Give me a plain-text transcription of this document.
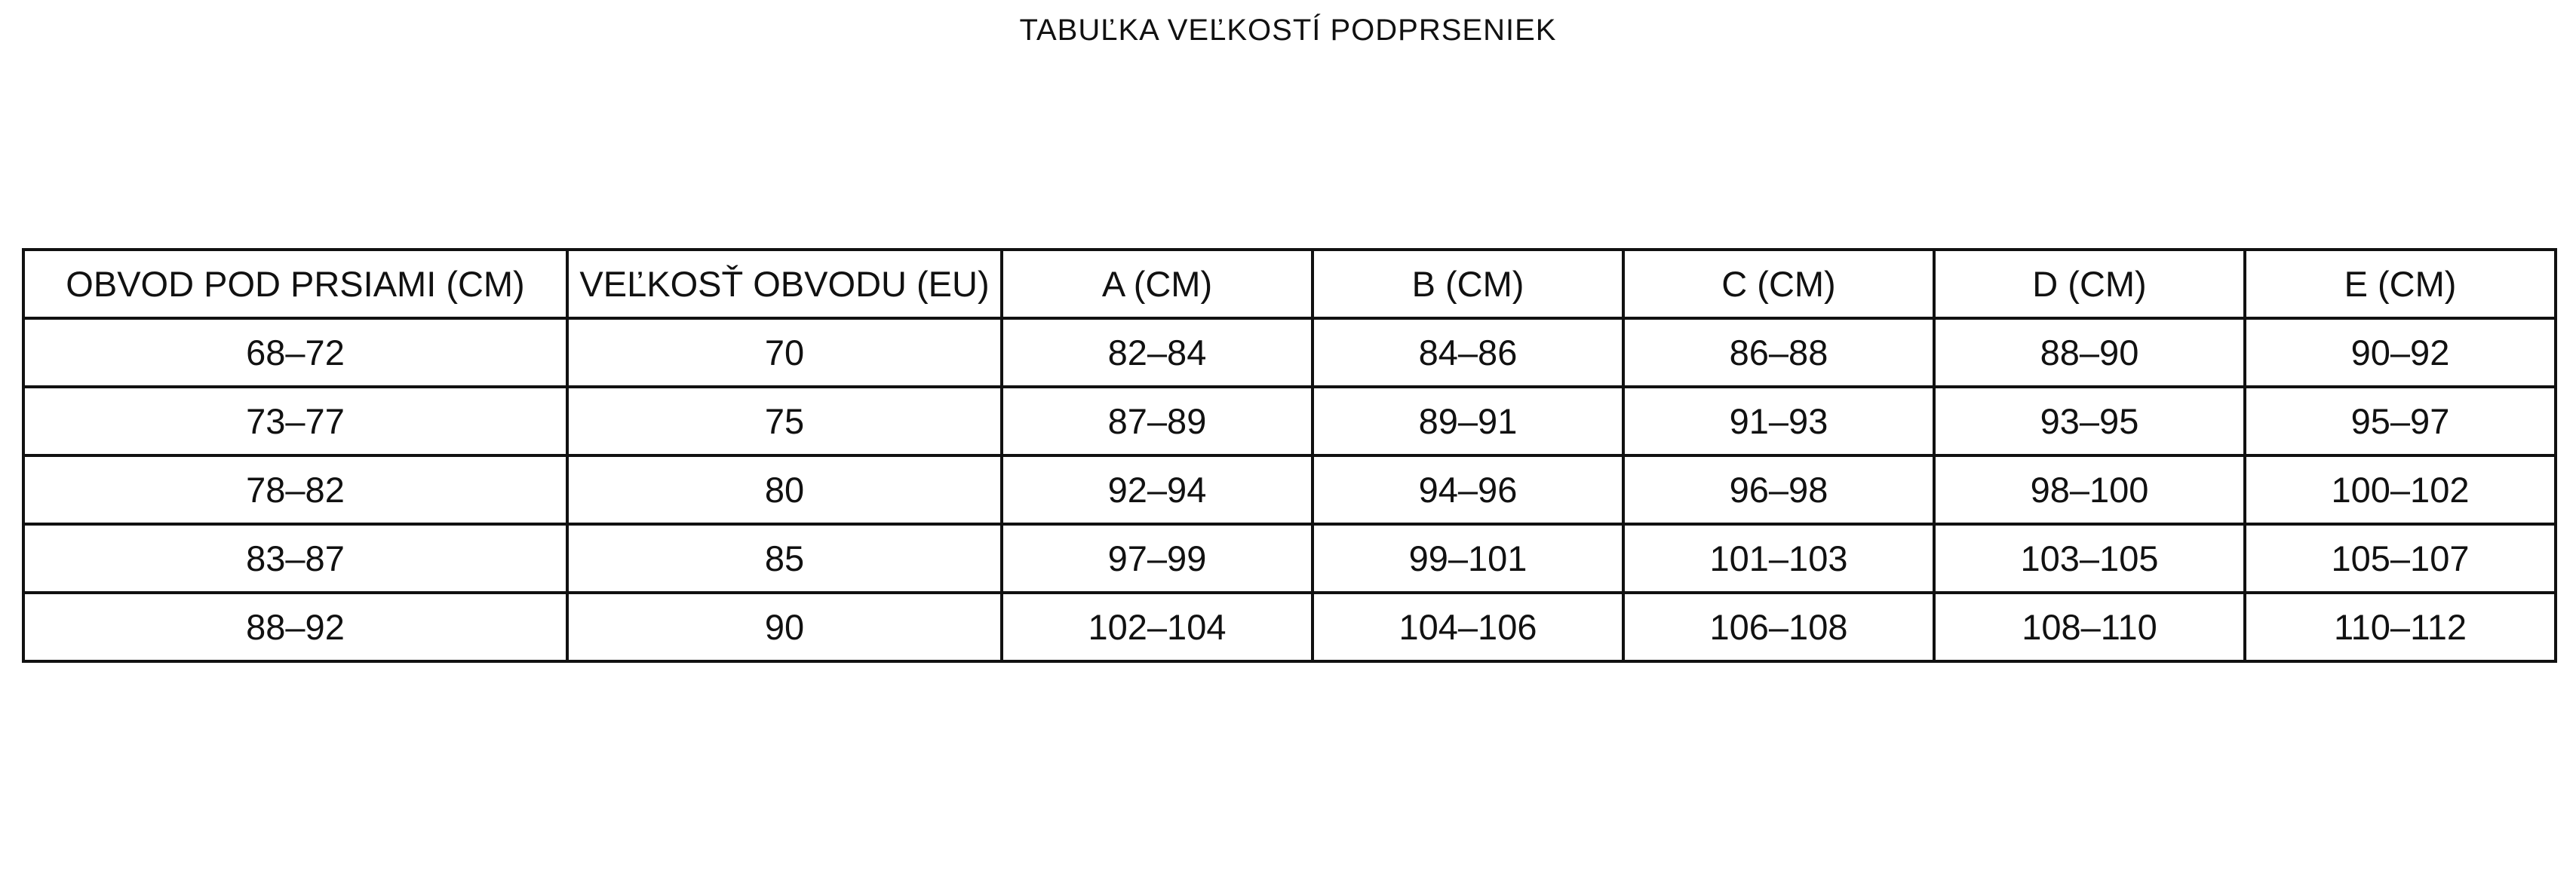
TABUĽKA VEĽKOSTÍ PODPRSENIEK
OBVOD POD PRSIAMI (CM)	VEĽKOSŤ OBVODU (EU)	A (CM)	B (CM)	C (CM)	D (CM)	E (CM)
68–72	70	82–84	84–86	86–88	88–90	90–92
73–77	75	87–89	89–91	91–93	93–95	95–97
78–82	80	92–94	94–96	96–98	98–100	100–102
83–87	85	97–99	99–101	101–103	103–105	105–107
88–92	90	102–104	104–106	106–108	108–110	110–112
